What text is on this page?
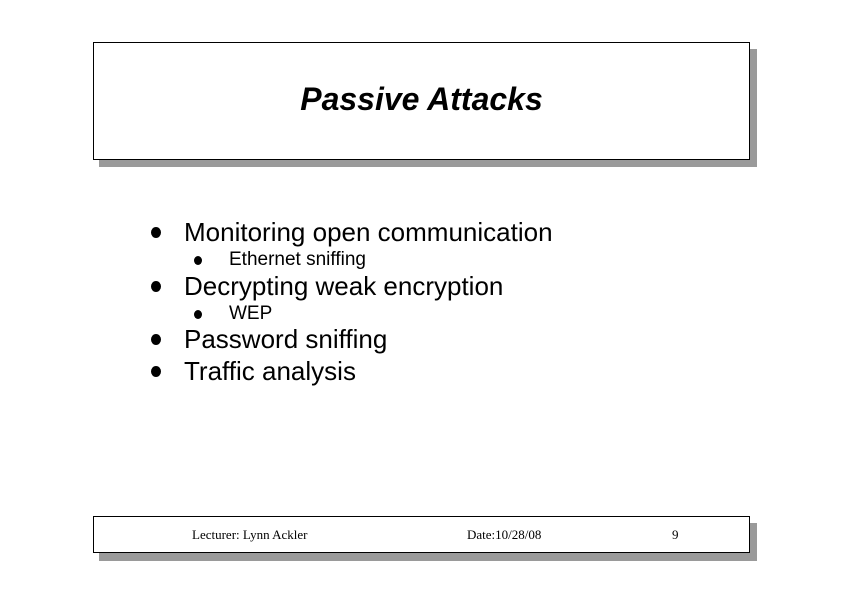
Passive Attacks
Monitoring open communication
Ethernet sniffing
Decrypting weak encryption
WEP
Password sniffing
Traffic analysis
Lecturer: Lynn Ackler	Date:10/28/08	9
